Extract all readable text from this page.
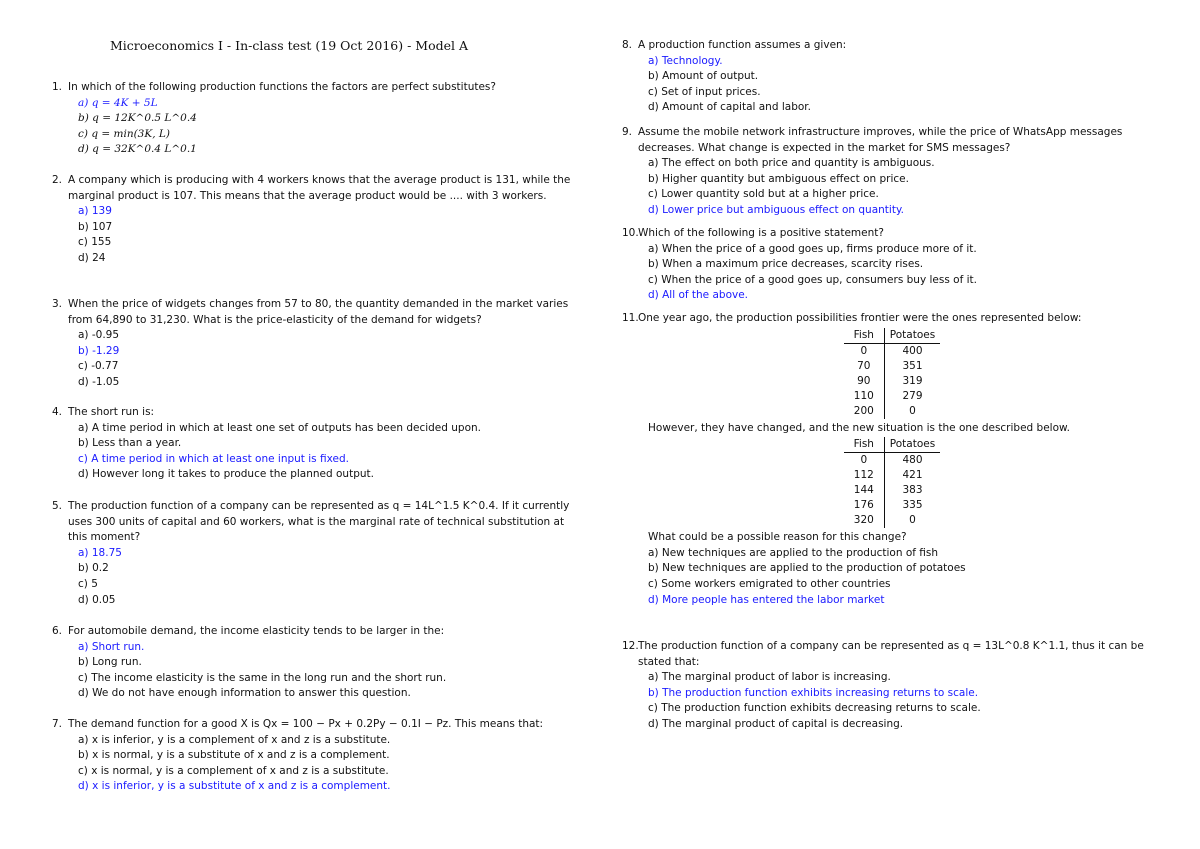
Microeconomics I - In-class test (19 Oct 2016) - Model A
1. In which of the following production functions the factors are perfect substitutes?
a) q = 4K + 5L
b) q = 12K^0.5 L^0.4
c) q = min(3K, L)
d) q = 32K^0.4 L^0.1
2. A company which is producing with 4 workers knows that the average product is 131, while the marginal product is 107. This means that the average product would be .... with 3 workers.
a) 139
b) 107
c) 155
d) 24
3. When the price of widgets changes from 57 to 80, the quantity demanded in the market varies from 64,890 to 31,230. What is the price-elasticity of the demand for widgets?
a) -0.95
b) -1.29
c) -0.77
d) -1.05
4. The short run is:
a) A time period in which at least one set of outputs has been decided upon.
b) Less than a year.
c) A time period in which at least one input is fixed.
d) However long it takes to produce the planned output.
5. The production function of a company can be represented as q = 14L^1.5 K^0.4. If it currently uses 300 units of capital and 60 workers, what is the marginal rate of technical substitution at this moment?
a) 18.75
b) 0.2
c) 5
d) 0.05
6. For automobile demand, the income elasticity tends to be larger in the:
a) Short run.
b) Long run.
c) The income elasticity is the same in the long run and the short run.
d) We do not have enough information to answer this question.
7. The demand function for a good X is Qx = 100 − Px + 0.2Py − 0.1I − Pz. This means that:
a) x is inferior, y is a complement of x and z is a substitute.
b) x is normal, y is a substitute of x and z is a complement.
c) x is normal, y is a complement of x and z is a substitute.
d) x is inferior, y is a substitute of x and z is a complement.
8. A production function assumes a given:
a) Technology.
b) Amount of output.
c) Set of input prices.
d) Amount of capital and labor.
9. Assume the mobile network infrastructure improves, while the price of WhatsApp messages decreases. What change is expected in the market for SMS messages?
a) The effect on both price and quantity is ambiguous.
b) Higher quantity but ambiguous effect on price.
c) Lower quantity sold but at a higher price.
d) Lower price but ambiguous effect on quantity.
10. Which of the following is a positive statement?
a) When the price of a good goes up, firms produce more of it.
b) When a maximum price decreases, scarcity rises.
c) When the price of a good goes up, consumers buy less of it.
d) All of the above.
11. One year ago, the production possibilities frontier were the ones represented below:
Fish	Potatoes
0	400
70	351
90	319
110	279
200	0
However, they have changed, and the new situation is the one described below.
Fish	Potatoes
0	480
112	421
144	383
176	335
320	0
What could be a possible reason for this change?
a) New techniques are applied to the production of fish
b) New techniques are applied to the production of potatoes
c) Some workers emigrated to other countries
d) More people has entered the labor market
12. The production function of a company can be represented as q = 13L^0.8 K^1.1, thus it can be stated that:
a) The marginal product of labor is increasing.
b) The production function exhibits increasing returns to scale.
c) The production function exhibits decreasing returns to scale.
d) The marginal product of capital is decreasing.
